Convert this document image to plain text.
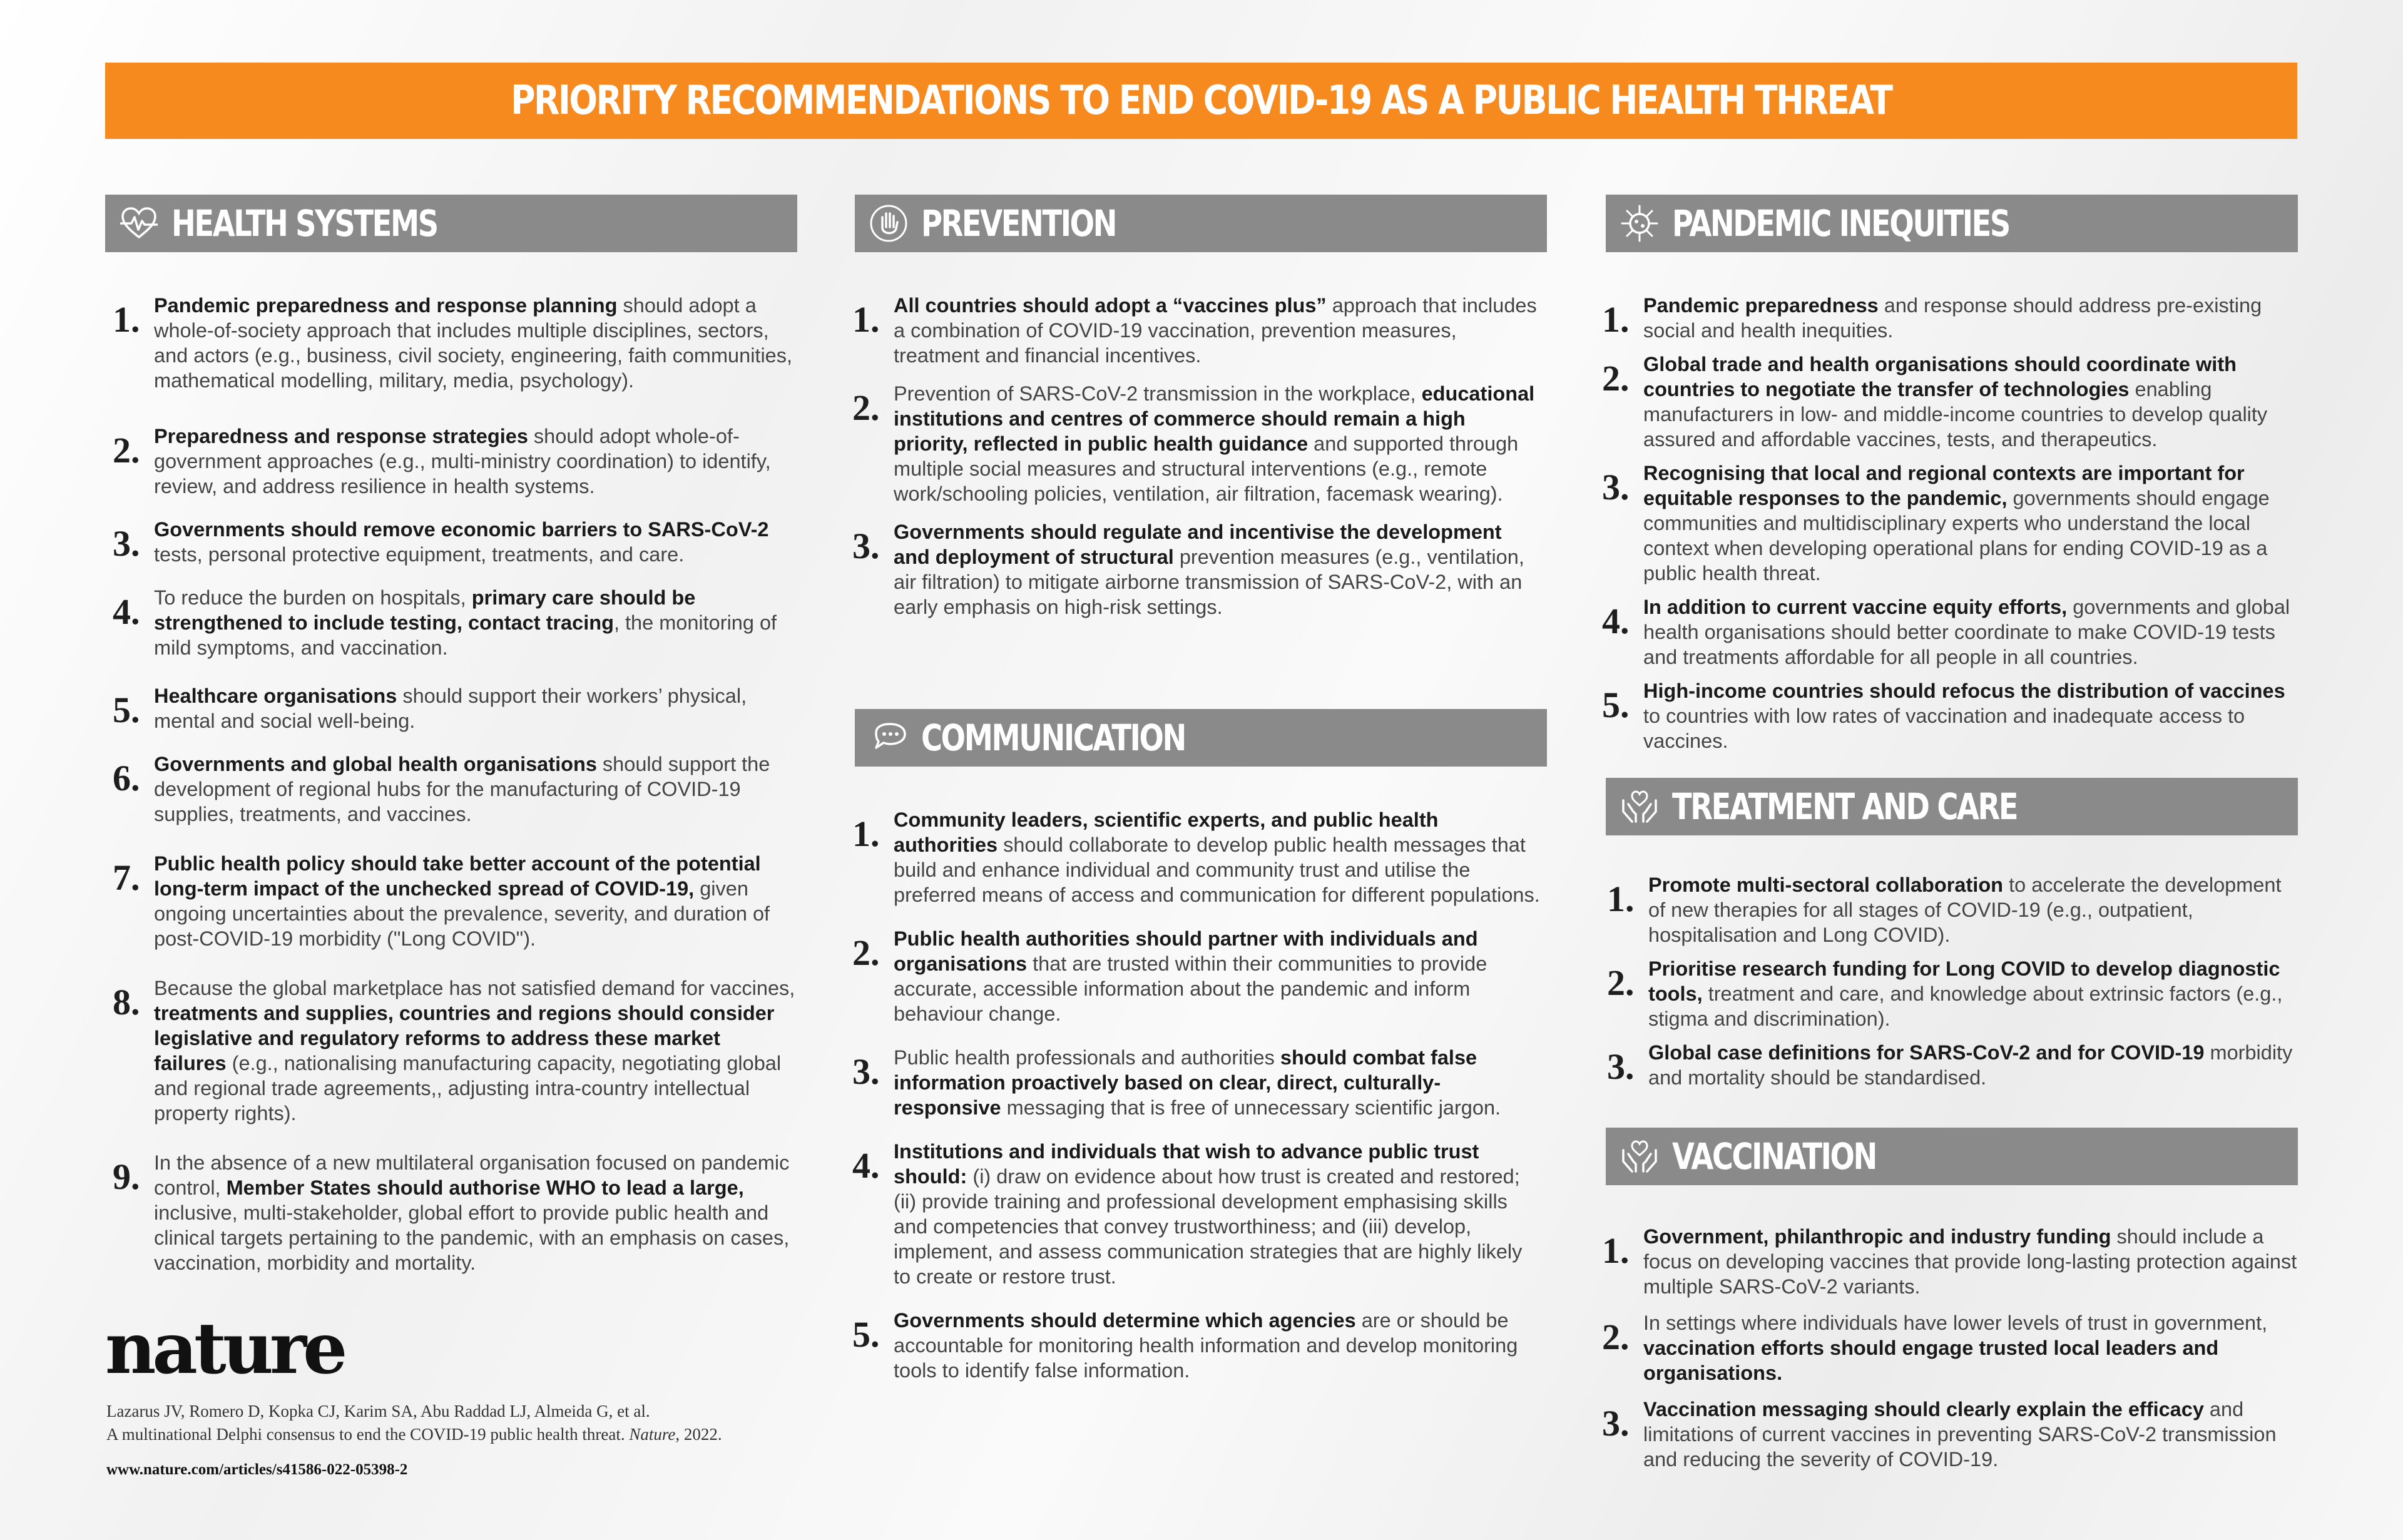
PRIORITY RECOMMENDATIONS TO END COVID-19 AS A PUBLIC HEALTH THREAT
HEALTH SYSTEMS
1. Pandemic preparedness and response planning should adopt a whole-of-society approach that includes multiple disciplines, sectors, and actors (e.g., business, civil society, engineering, faith communities, mathematical modelling, military, media, psychology).
2. Preparedness and response strategies should adopt whole-of-government approaches (e.g., multi-ministry coordination) to identify, review, and address resilience in health systems.
3. Governments should remove economic barriers to SARS-CoV-2 tests, personal protective equipment, treatments, and care.
4. To reduce the burden on hospitals, primary care should be strengthened to include testing, contact tracing, the monitoring of mild symptoms, and vaccination.
5. Healthcare organisations should support their workers’ physical, mental and social well-being.
6. Governments and global health organisations should support the development of regional hubs for the manufacturing of COVID-19 supplies, treatments, and vaccines.
7. Public health policy should take better account of the potential long-term impact of the unchecked spread of COVID-19, given ongoing uncertainties about the prevalence, severity, and duration of post-COVID-19 morbidity ("Long COVID").
8. Because the global marketplace has not satisfied demand for vaccines, treatments and supplies, countries and regions should consider legislative and regulatory reforms to address these market failures (e.g., nationalising manufacturing capacity, negotiating global and regional trade agreements,, adjusting intra-country intellectual property rights).
9. In the absence of a new multilateral organisation focused on pandemic control, Member States should authorise WHO to lead a large, inclusive, multi-stakeholder, global effort to provide public health and clinical targets pertaining to the pandemic, with an emphasis on cases, vaccination, morbidity and mortality.
PREVENTION
1. All countries should adopt a “vaccines plus” approach that includes a combination of COVID-19 vaccination, prevention measures, treatment and financial incentives.
2. Prevention of SARS-CoV-2 transmission in the workplace, educational institutions and centres of commerce should remain a high priority, reflected in public health guidance and supported through multiple social measures and structural interventions (e.g., remote work/schooling policies, ventilation, air filtration, facemask wearing).
3. Governments should regulate and incentivise the development and deployment of structural prevention measures (e.g., ventilation, air filtration) to mitigate airborne transmission of SARS-CoV-2, with an early emphasis on high-risk settings.
COMMUNICATION
1. Community leaders, scientific experts, and public health authorities should collaborate to develop public health messages that build and enhance individual and community trust and utilise the preferred means of access and communication for different populations.
2. Public health authorities should partner with individuals and organisations that are trusted within their communities to provide accurate, accessible information about the pandemic and inform behaviour change.
3. Public health professionals and authorities should combat false information proactively based on clear, direct, culturally-responsive messaging that is free of unnecessary scientific jargon.
4. Institutions and individuals that wish to advance public trust should: (i) draw on evidence about how trust is created and restored; (ii) provide training and professional development emphasising skills and competencies that convey trustworthiness; and (iii) develop, implement, and assess communication strategies that are highly likely to create or restore trust.
5. Governments should determine which agencies are or should be accountable for monitoring health information and develop monitoring tools to identify false information.
PANDEMIC INEQUITIES
1. Pandemic preparedness and response should address pre-existing social and health inequities.
2. Global trade and health organisations should coordinate with countries to negotiate the transfer of technologies enabling manufacturers in low- and middle-income countries to develop quality assured and affordable vaccines, tests, and therapeutics.
3. Recognising that local and regional contexts are important for equitable responses to the pandemic, governments should engage communities and multidisciplinary experts who understand the local context when developing operational plans for ending COVID-19 as a public health threat.
4. In addition to current vaccine equity efforts, governments and global health organisations should better coordinate to make COVID-19 tests and treatments affordable for all people in all countries.
5. High-income countries should refocus the distribution of vaccines to countries with low rates of vaccination and inadequate access to vaccines.
TREATMENT AND CARE
1. Promote multi-sectoral collaboration to accelerate the development of new therapies for all stages of COVID-19 (e.g., outpatient, hospitalisation and Long COVID).
2. Prioritise research funding for Long COVID to develop diagnostic tools, treatment and care, and knowledge about extrinsic factors (e.g., stigma and discrimination).
3. Global case definitions for SARS-CoV-2 and for COVID-19 morbidity and mortality should be standardised.
VACCINATION
1. Government, philanthropic and industry funding should include a focus on developing vaccines that provide long-lasting protection against multiple SARS-CoV-2 variants.
2. In settings where individuals have lower levels of trust in government, vaccination efforts should engage trusted local leaders and organisations.
3. Vaccination messaging should clearly explain the efficacy and limitations of current vaccines in preventing SARS-CoV-2 transmission and reducing the severity of COVID-19.
nature
Lazarus JV, Romero D, Kopka CJ, Karim SA, Abu Raddad LJ, Almeida G, et al.
A multinational Delphi consensus to end the COVID-19 public health threat. Nature, 2022.
www.nature.com/articles/s41586-022-05398-2
